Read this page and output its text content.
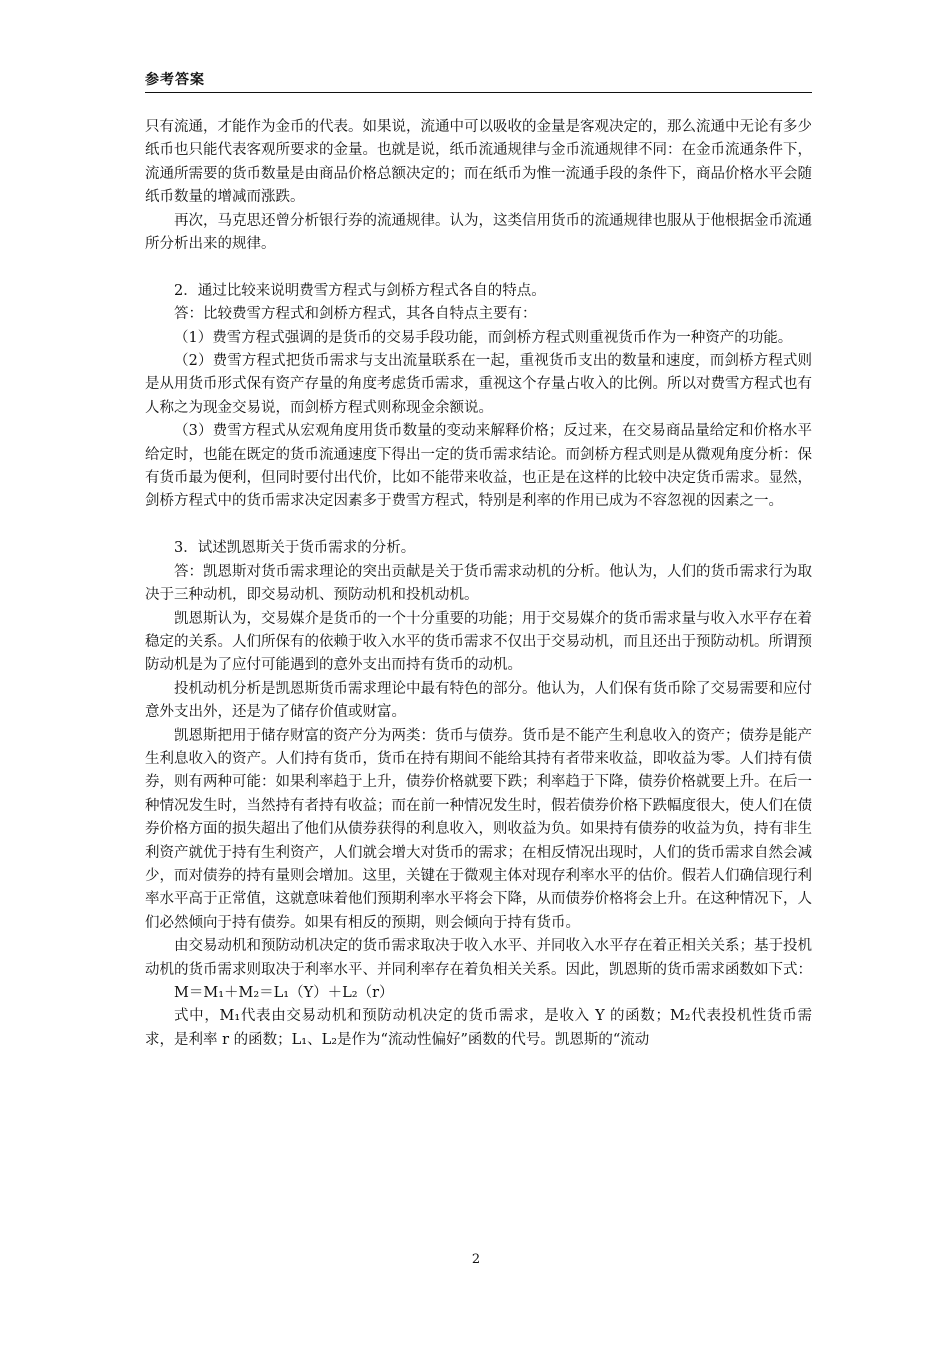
参考答案

只有流通，才能作为金币的代表。如果说，流通中可以吸收的金量是客观决定的，那么流通中无论有多少纸币也只能代表客观所要求的金量。也就是说，纸币流通规律与金币流通规律不同：在金币流通条件下，流通所需要的货币数量是由商品价格总额决定的；而在纸币为惟一流通手段的条件下，商品价格水平会随纸币数量的增减而涨跌。

再次，马克思还曾分析银行券的流通规律。认为，这类信用货币的流通规律也服从于他根据金币流通所分析出来的规律。

2．通过比较来说明费雪方程式与剑桥方程式各自的特点。

答：比较费雪方程式和剑桥方程式，其各自特点主要有：

（1）费雪方程式强调的是货币的交易手段功能，而剑桥方程式则重视货币作为一种资产的功能。

（2）费雪方程式把货币需求与支出流量联系在一起，重视货币支出的数量和速度，而剑桥方程式则是从用货币形式保有资产存量的角度考虑货币需求，重视这个存量占收入的比例。所以对费雪方程式也有人称之为现金交易说，而剑桥方程式则称现金余额说。

（3）费雪方程式从宏观角度用货币数量的变动来解释价格；反过来，在交易商品量给定和价格水平给定时，也能在既定的货币流通速度下得出一定的货币需求结论。而剑桥方程式则是从微观角度分析：保有货币最为便利，但同时要付出代价，比如不能带来收益，也正是在这样的比较中决定货币需求。显然，剑桥方程式中的货币需求决定因素多于费雪方程式，特别是利率的作用已成为不容忽视的因素之一。

3．试述凯恩斯关于货币需求的分析。

答：凯恩斯对货币需求理论的突出贡献是关于货币需求动机的分析。他认为，人们的货币需求行为取决于三种动机，即交易动机、预防动机和投机动机。

凯恩斯认为，交易媒介是货币的一个十分重要的功能；用于交易媒介的货币需求量与收入水平存在着稳定的关系。人们所保有的依赖于收入水平的货币需求不仅出于交易动机，而且还出于预防动机。所谓预防动机是为了应付可能遇到的意外支出而持有货币的动机。

投机动机分析是凯恩斯货币需求理论中最有特色的部分。他认为，人们保有货币除了交易需要和应付意外支出外，还是为了储存价值或财富。

凯恩斯把用于储存财富的资产分为两类：货币与债券。货币是不能产生利息收入的资产；债券是能产生利息收入的资产。人们持有货币，货币在持有期间不能给其持有者带来收益，即收益为零。人们持有债券，则有两种可能：如果利率趋于上升，债券价格就要下跌；利率趋于下降，债券价格就要上升。在后一种情况发生时，当然持有者持有收益；而在前一种情况发生时，假若债券价格下跌幅度很大，使人们在债券价格方面的损失超出了他们从债券获得的利息收入，则收益为负。如果持有债券的收益为负，持有非生利资产就优于持有生利资产，人们就会增大对货币的需求；在相反情况出现时，人们的货币需求自然会减少，而对债券的持有量则会增加。这里，关键在于微观主体对现存利率水平的估价。假若人们确信现行利率水平高于正常值，这就意味着他们预期利率水平将会下降，从而债券价格将会上升。在这种情况下，人们必然倾向于持有债券。如果有相反的预期，则会倾向于持有货币。

由交易动机和预防动机决定的货币需求取决于收入水平、并同收入水平存在着正相关关系；基于投机动机的货币需求则取决于利率水平、并同利率存在着负相关关系。因此，凯恩斯的货币需求函数如下式：

M＝M₁＋M₂＝L₁（Y）＋L₂（r）

式中，M₁代表由交易动机和预防动机决定的货币需求，是收入 Y 的函数；M₂代表投机性货币需求，是利率 r 的函数；L₁、L₂是作为“流动性偏好”函数的代号。凯恩斯的“流动

2
